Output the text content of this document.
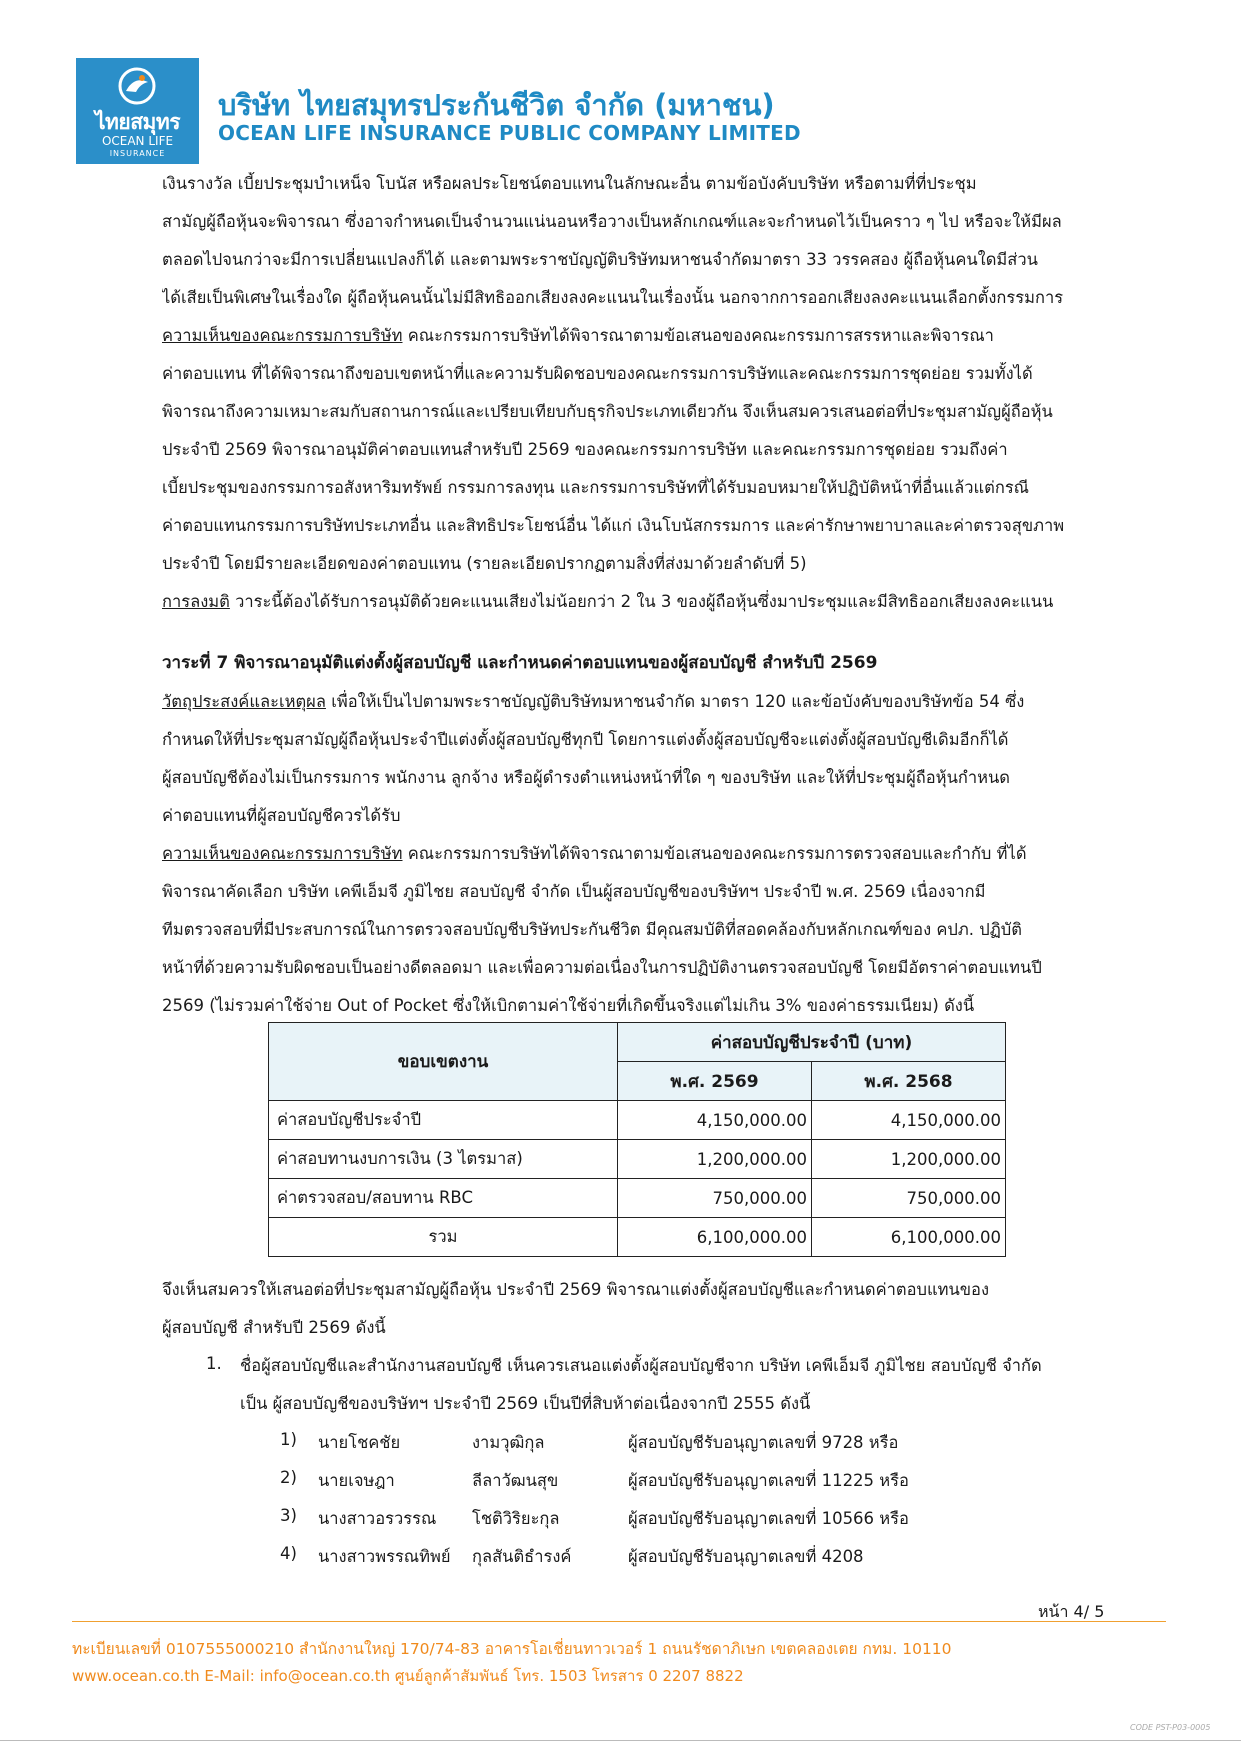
ไทยสมุทร
OCEAN LIFE
INSURANCE
บริษัท ไทยสมุทรประกันชีวิต จำกัด (มหาชน)
OCEAN LIFE INSURANCE PUBLIC COMPANY LIMITED
เงินรางวัล เบี้ยประชุมบำเหน็จ โบนัส หรือผลประโยชน์ตอบแทนในลักษณะอื่น ตามข้อบังคับบริษัท หรือตามที่ที่ประชุม
สามัญผู้ถือหุ้นจะพิจารณา ซึ่งอาจกำหนดเป็นจำนวนแน่นอนหรือวางเป็นหลักเกณฑ์และจะกำหนดไว้เป็นคราว ๆ ไป หรือจะให้มีผล
ตลอดไปจนกว่าจะมีการเปลี่ยนแปลงก็ได้ และตามพระราชบัญญัติบริษัทมหาชนจำกัดมาตรา 33 วรรคสอง ผู้ถือหุ้นคนใดมีส่วน
ได้เสียเป็นพิเศษในเรื่องใด ผู้ถือหุ้นคนนั้นไม่มีสิทธิออกเสียงลงคะแนนในเรื่องนั้น นอกจากการออกเสียงลงคะแนนเลือกตั้งกรรมการ
ความเห็นของคณะกรรมการบริษัท คณะกรรมการบริษัทได้พิจารณาตามข้อเสนอของคณะกรรมการสรรหาและพิจารณา
ค่าตอบแทน ที่ได้พิจารณาถึงขอบเขตหน้าที่และความรับผิดชอบของคณะกรรมการบริษัทและคณะกรรมการชุดย่อย รวมทั้งได้
พิจารณาถึงความเหมาะสมกับสถานการณ์และเปรียบเทียบกับธุรกิจประเภทเดียวกัน จึงเห็นสมควรเสนอต่อที่ประชุมสามัญผู้ถือหุ้น
ประจำปี 2569 พิจารณาอนุมัติค่าตอบแทนสำหรับปี 2569 ของคณะกรรมการบริษัท และคณะกรรมการชุดย่อย รวมถึงค่า
เบี้ยประชุมของกรรมการอสังหาริมทรัพย์ กรรมการลงทุน และกรรมการบริษัทที่ได้รับมอบหมายให้ปฏิบัติหน้าที่อื่นแล้วแต่กรณี
ค่าตอบแทนกรรมการบริษัทประเภทอื่น และสิทธิประโยชน์อื่น ได้แก่ เงินโบนัสกรรมการ และค่ารักษาพยาบาลและค่าตรวจสุขภาพ
ประจำปี โดยมีรายละเอียดของค่าตอบแทน (รายละเอียดปรากฏตามสิ่งที่ส่งมาด้วยลำดับที่ 5)
การลงมติ วาระนี้ต้องได้รับการอนุมัติด้วยคะแนนเสียงไม่น้อยกว่า 2 ใน 3 ของผู้ถือหุ้นซึ่งมาประชุมและมีสิทธิออกเสียงลงคะแนน
วาระที่ 7 พิจารณาอนุมัติแต่งตั้งผู้สอบบัญชี และกำหนดค่าตอบแทนของผู้สอบบัญชี สำหรับปี 2569
วัตถุประสงค์และเหตุผล เพื่อให้เป็นไปตามพระราชบัญญัติบริษัทมหาชนจำกัด มาตรา 120 และข้อบังคับของบริษัทข้อ 54 ซึ่ง
กำหนดให้ที่ประชุมสามัญผู้ถือหุ้นประจำปีแต่งตั้งผู้สอบบัญชีทุกปี โดยการแต่งตั้งผู้สอบบัญชีจะแต่งตั้งผู้สอบบัญชีเดิมอีกก็ได้
ผู้สอบบัญชีต้องไม่เป็นกรรมการ พนักงาน ลูกจ้าง หรือผู้ดำรงตำแหน่งหน้าที่ใด ๆ ของบริษัท และให้ที่ประชุมผู้ถือหุ้นกำหนด
ค่าตอบแทนที่ผู้สอบบัญชีควรได้รับ
ความเห็นของคณะกรรมการบริษัท คณะกรรมการบริษัทได้พิจารณาตามข้อเสนอของคณะกรรมการตรวจสอบและกำกับ ที่ได้
พิจารณาคัดเลือก บริษัท เคพีเอ็มจี ภูมิไชย สอบบัญชี จำกัด เป็นผู้สอบบัญชีของบริษัทฯ ประจำปี พ.ศ. 2569 เนื่องจากมี
ทีมตรวจสอบที่มีประสบการณ์ในการตรวจสอบบัญชีบริษัทประกันชีวิต มีคุณสมบัติที่สอดคล้องกับหลักเกณฑ์ของ คปภ. ปฏิบัติ
หน้าที่ด้วยความรับผิดชอบเป็นอย่างดีตลอดมา และเพื่อความต่อเนื่องในการปฏิบัติงานตรวจสอบบัญชี โดยมีอัตราค่าตอบแทนปี
2569 (ไม่รวมค่าใช้จ่าย Out of Pocket ซึ่งให้เบิกตามค่าใช้จ่ายที่เกิดขึ้นจริงแต่ไม่เกิน 3% ของค่าธรรมเนียม) ดังนี้
ขอบเขตงาน	ค่าสอบบัญชีประจำปี (บาท)	
	พ.ศ. 2569	พ.ศ. 2568
ค่าสอบบัญชีประจำปี	4,150,000.00	4,150,000.00
ค่าสอบทานงบการเงิน (3 ไตรมาส)	1,200,000.00	1,200,000.00
ค่าตรวจสอบ/สอบทาน RBC	750,000.00	750,000.00
รวม	6,100,000.00	6,100,000.00
จึงเห็นสมควรให้เสนอต่อที่ประชุมสามัญผู้ถือหุ้น ประจำปี 2569 พิจารณาแต่งตั้งผู้สอบบัญชีและกำหนดค่าตอบแทนของ
ผู้สอบบัญชี สำหรับปี 2569 ดังนี้
1. ชื่อผู้สอบบัญชีและสำนักงานสอบบัญชี เห็นควรเสนอแต่งตั้งผู้สอบบัญชีจาก บริษัท เคพีเอ็มจี ภูมิไชย สอบบัญชี จำกัด
เป็น ผู้สอบบัญชีของบริษัทฯ ประจำปี 2569 เป็นปีที่สิบห้าต่อเนื่องจากปี 2555 ดังนี้
1) นายโชคชัย	งามวุฒิกุล	ผู้สอบบัญชีรับอนุญาตเลขที่ 9728 หรือ
2) นายเจษฎา	ลีลาวัฒนสุข	ผู้สอบบัญชีรับอนุญาตเลขที่ 11225 หรือ
3) นางสาวอรวรรณ โชติวิริยะกุล	ผู้สอบบัญชีรับอนุญาตเลขที่ 10566 หรือ
4) นางสาวพรรณทิพย์ กุลสันติธำรงค์	ผู้สอบบัญชีรับอนุญาตเลขที่ 4208
หน้า 4/ 5
ทะเบียนเลขที่ 0107555000210 สำนักงานใหญ่ 170/74-83 อาคารโอเชี่ยนทาวเวอร์ 1 ถนนรัชดาภิเษก เขตคลองเตย กทม. 10110
www.ocean.co.th E-Mail: info@ocean.co.th ศูนย์ลูกค้าสัมพันธ์ โทร. 1503 โทรสาร 0 2207 8822
CODE PST-P03-0005
